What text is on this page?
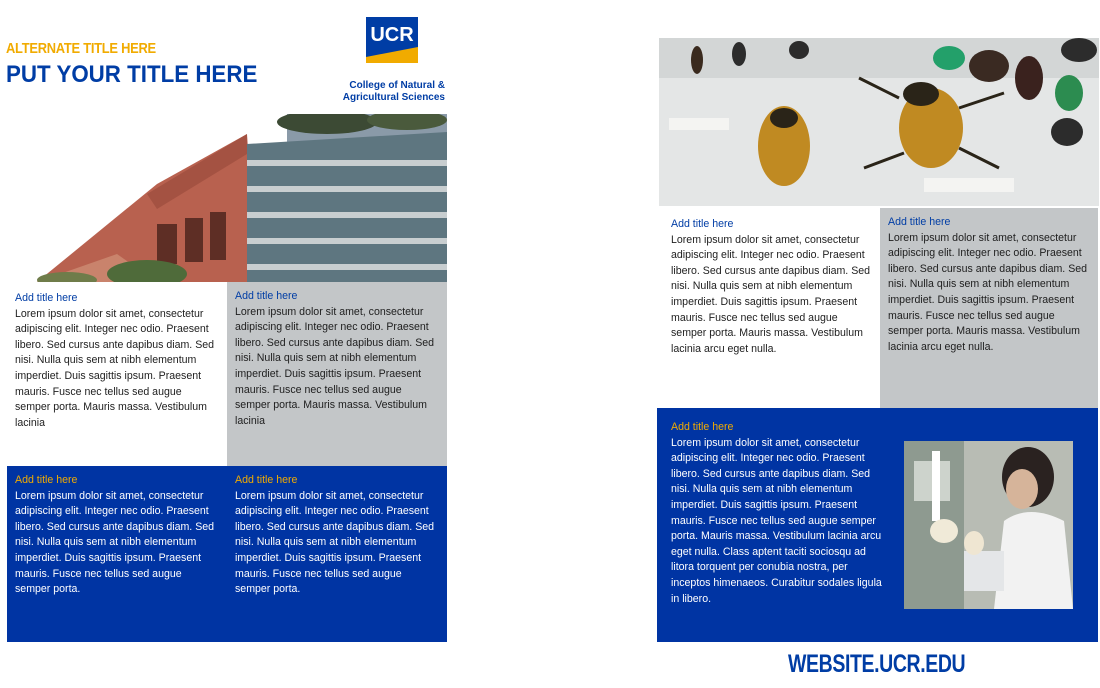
ALTERNATE TITLE HERE
PUT YOUR TITLE HERE
UCR
College of Natural &
Agricultural Sciences
Add title here
Lorem ipsum dolor sit amet, consectetur adipiscing elit. Integer nec odio. Praesent libero. Sed cursus ante dapibus diam. Sed nisi. Nulla quis sem at nibh elementum imperdiet. Duis sagittis ipsum. Praesent mauris. Fusce nec tellus sed augue semper porta. Mauris massa. Vestibulum lacinia
Add title here
Lorem ipsum dolor sit amet, consectetur adipiscing elit. Integer nec odio. Praesent libero. Sed cursus ante dapibus diam. Sed nisi. Nulla quis sem at nibh elementum imperdiet. Duis sagittis ipsum. Praesent mauris. Fusce nec tellus sed augue semper porta. Mauris massa. Vestibulum lacinia
Add title here
Lorem ipsum dolor sit amet, consectetur adipiscing elit. Integer nec odio. Praesent libero. Sed cursus ante dapibus diam. Sed nisi. Nulla quis sem at nibh elementum imperdiet. Duis sagittis ipsum. Praesent mauris. Fusce nec tellus sed augue semper porta.
Add title here
Lorem ipsum dolor sit amet, consectetur adipiscing elit. Integer nec odio. Praesent libero. Sed cursus ante dapibus diam. Sed nisi. Nulla quis sem at nibh elementum imperdiet. Duis sagittis ipsum. Praesent mauris. Fusce nec tellus sed augue semper porta.
Add title here
Lorem ipsum dolor sit amet, consectetur adipiscing elit. Integer nec odio. Praesent libero. Sed cursus ante dapibus diam. Sed nisi. Nulla quis sem at nibh elementum imperdiet. Duis sagittis ipsum. Praesent mauris. Fusce nec tellus sed augue semper porta. Mauris massa. Vestibulum lacinia arcu eget nulla.
Add title here
Lorem ipsum dolor sit amet, consectetur adipiscing elit. Integer nec odio. Praesent libero. Sed cursus ante dapibus diam. Sed nisi. Nulla quis sem at nibh elementum imperdiet. Duis sagittis ipsum. Praesent mauris. Fusce nec tellus sed augue semper porta. Mauris massa. Vestibulum lacinia arcu eget nulla.
Add title here
Lorem ipsum dolor sit amet, consectetur adipiscing elit. Integer nec odio. Praesent libero. Sed cursus ante dapibus diam. Sed nisi. Nulla quis sem at nibh elementum imperdiet. Duis sagittis ipsum. Praesent mauris. Fusce nec tellus sed augue semper porta. Mauris massa. Vestibulum lacinia arcu eget nulla. Class aptent taciti sociosqu ad litora torquent per conubia nostra, per inceptos himenaeos. Curabitur sodales ligula in libero.
WEBSITE.UCR.EDU
